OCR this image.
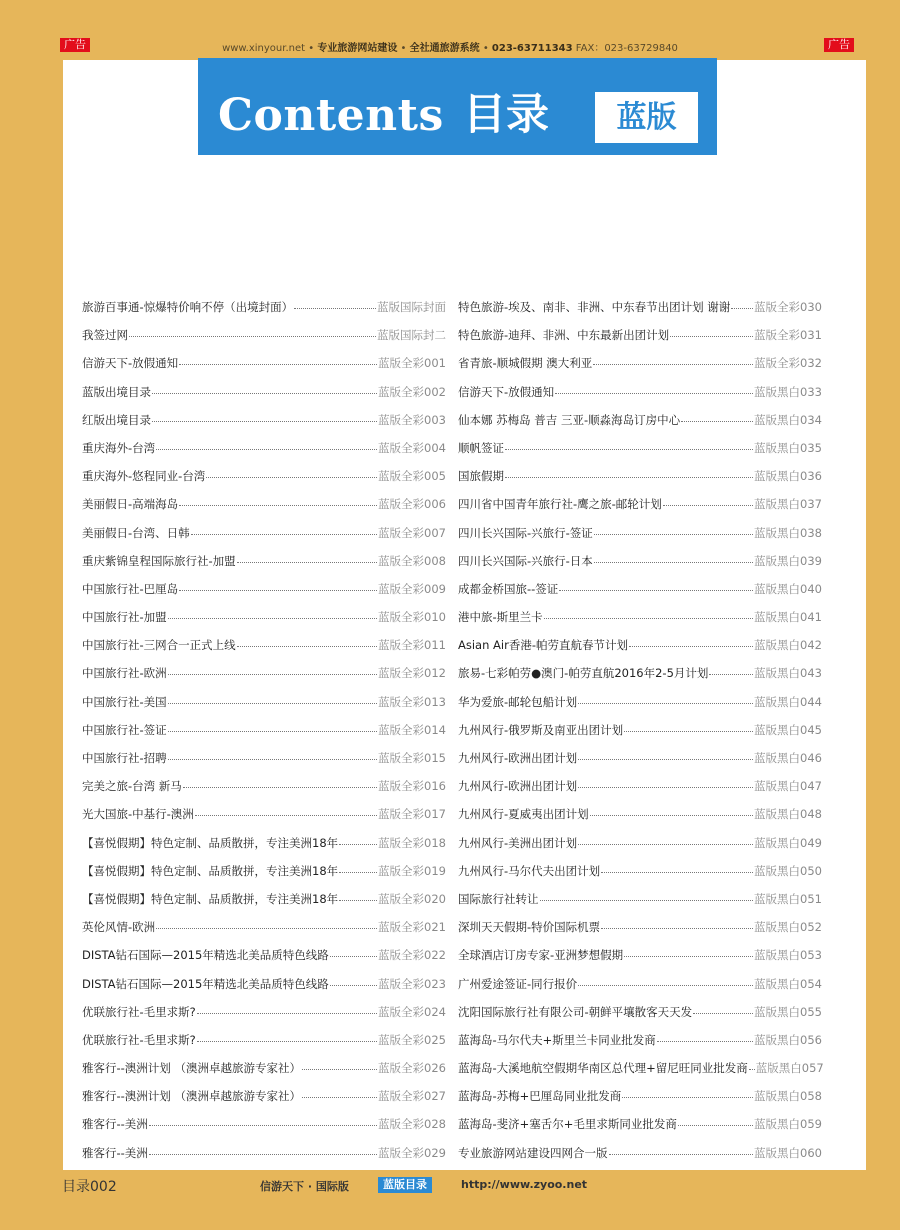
广告	广告
www.xinyour.net • 专业旅游网站建设 • 全社通旅游系统 • 023-63711343 FAX：023-63729840
Contents 目录	蓝版
旅游百事通-惊爆特价响不停（出境封面）	蓝版国际封面
我签过网	蓝版国际封二
信游天下-放假通知	蓝版全彩001
蓝版出境目录	蓝版全彩002
红版出境目录	蓝版全彩003
重庆海外-台湾	蓝版全彩004
重庆海外-悠程同业-台湾	蓝版全彩005
美丽假日-高端海岛	蓝版全彩006
美丽假日-台湾、日韩	蓝版全彩007
重庆紫锦皇程国际旅行社-加盟	蓝版全彩008
中国旅行社-巴厘岛	蓝版全彩009
中国旅行社-加盟	蓝版全彩010
中国旅行社-三网合一正式上线	蓝版全彩011
中国旅行社-欧洲	蓝版全彩012
中国旅行社-美国	蓝版全彩013
中国旅行社-签证	蓝版全彩014
中国旅行社-招聘	蓝版全彩015
完美之旅-台湾 新马	蓝版全彩016
光大国旅-中基行-澳洲	蓝版全彩017
【喜悦假期】特色定制、品质散拼，专注美洲18年	蓝版全彩018
【喜悦假期】特色定制、品质散拼，专注美洲18年	蓝版全彩019
【喜悦假期】特色定制、品质散拼，专注美洲18年	蓝版全彩020
英伦风情-欧洲	蓝版全彩021
DISTA钻石国际—2015年精选北美品质特色线路	蓝版全彩022
DISTA钻石国际—2015年精选北美品质特色线路	蓝版全彩023
优联旅行社-毛里求斯?	蓝版全彩024
优联旅行社-毛里求斯?	蓝版全彩025
雅客行--澳洲计划 （澳洲卓越旅游专家社）	蓝版全彩026
雅客行--澳洲计划 （澳洲卓越旅游专家社）	蓝版全彩027
雅客行--美洲	蓝版全彩028
雅客行--美洲	蓝版全彩029
特色旅游-埃及、南非、非洲、中东春节出团计划 谢谢 蓝版全彩030
特色旅游-迪拜、非洲、中东最新出团计划	蓝版全彩031
省青旅-顺城假期 澳大利亚	蓝版全彩032
信游天下-放假通知	蓝版黑白033
仙本娜 苏梅岛 普吉 三亚-顺淼海岛订房中心	蓝版黑白034
顺帆签证	蓝版黑白035
国旅假期	蓝版黑白036
四川省中国青年旅行社-鹰之旅-邮轮计划	蓝版黑白037
四川长兴国际-兴旅行-签证	蓝版黑白038
四川长兴国际-兴旅行-日本	蓝版黑白039
成都金桥国旅--签证	蓝版黑白040
港中旅-斯里兰卡	蓝版黑白041
Asian Air香港-帕劳直航春节计划	蓝版黑白042
旅易-七彩帕劳●澳门-帕劳直航2016年2-5月计划	蓝版黑白043
华为爱旅-邮轮包船计划	蓝版黑白044
九州风行-俄罗斯及南亚出团计划	蓝版黑白045
九州风行-欧洲出团计划	蓝版黑白046
九州风行-欧洲出团计划	蓝版黑白047
九州风行-夏威夷出团计划	蓝版黑白048
九州风行-美洲出团计划	蓝版黑白049
九州风行-马尔代夫出团计划	蓝版黑白050
国际旅行社转让	蓝版黑白051
深圳天天假期-特价国际机票	蓝版黑白052
全球酒店订房专家-亚洲梦想假期	蓝版黑白053
广州爱途签证-同行报价	蓝版黑白054
沈阳国际旅行社有限公司-朝鲜平壤散客天天发	蓝版黑白055
蓝海岛-马尔代夫+斯里兰卡同业批发商	蓝版黑白056
蓝海岛-大溪地航空假期华南区总代理+留尼旺同业批发商 蓝版黑白057
蓝海岛-苏梅+巴厘岛同业批发商	蓝版黑白058
蓝海岛-斐济+塞舌尔+毛里求斯同业批发商	蓝版黑白059
专业旅游网站建设四网合一版	蓝版黑白060
目录002	信游天下 · 国际版	蓝版目录	http://www.zyoo.net
